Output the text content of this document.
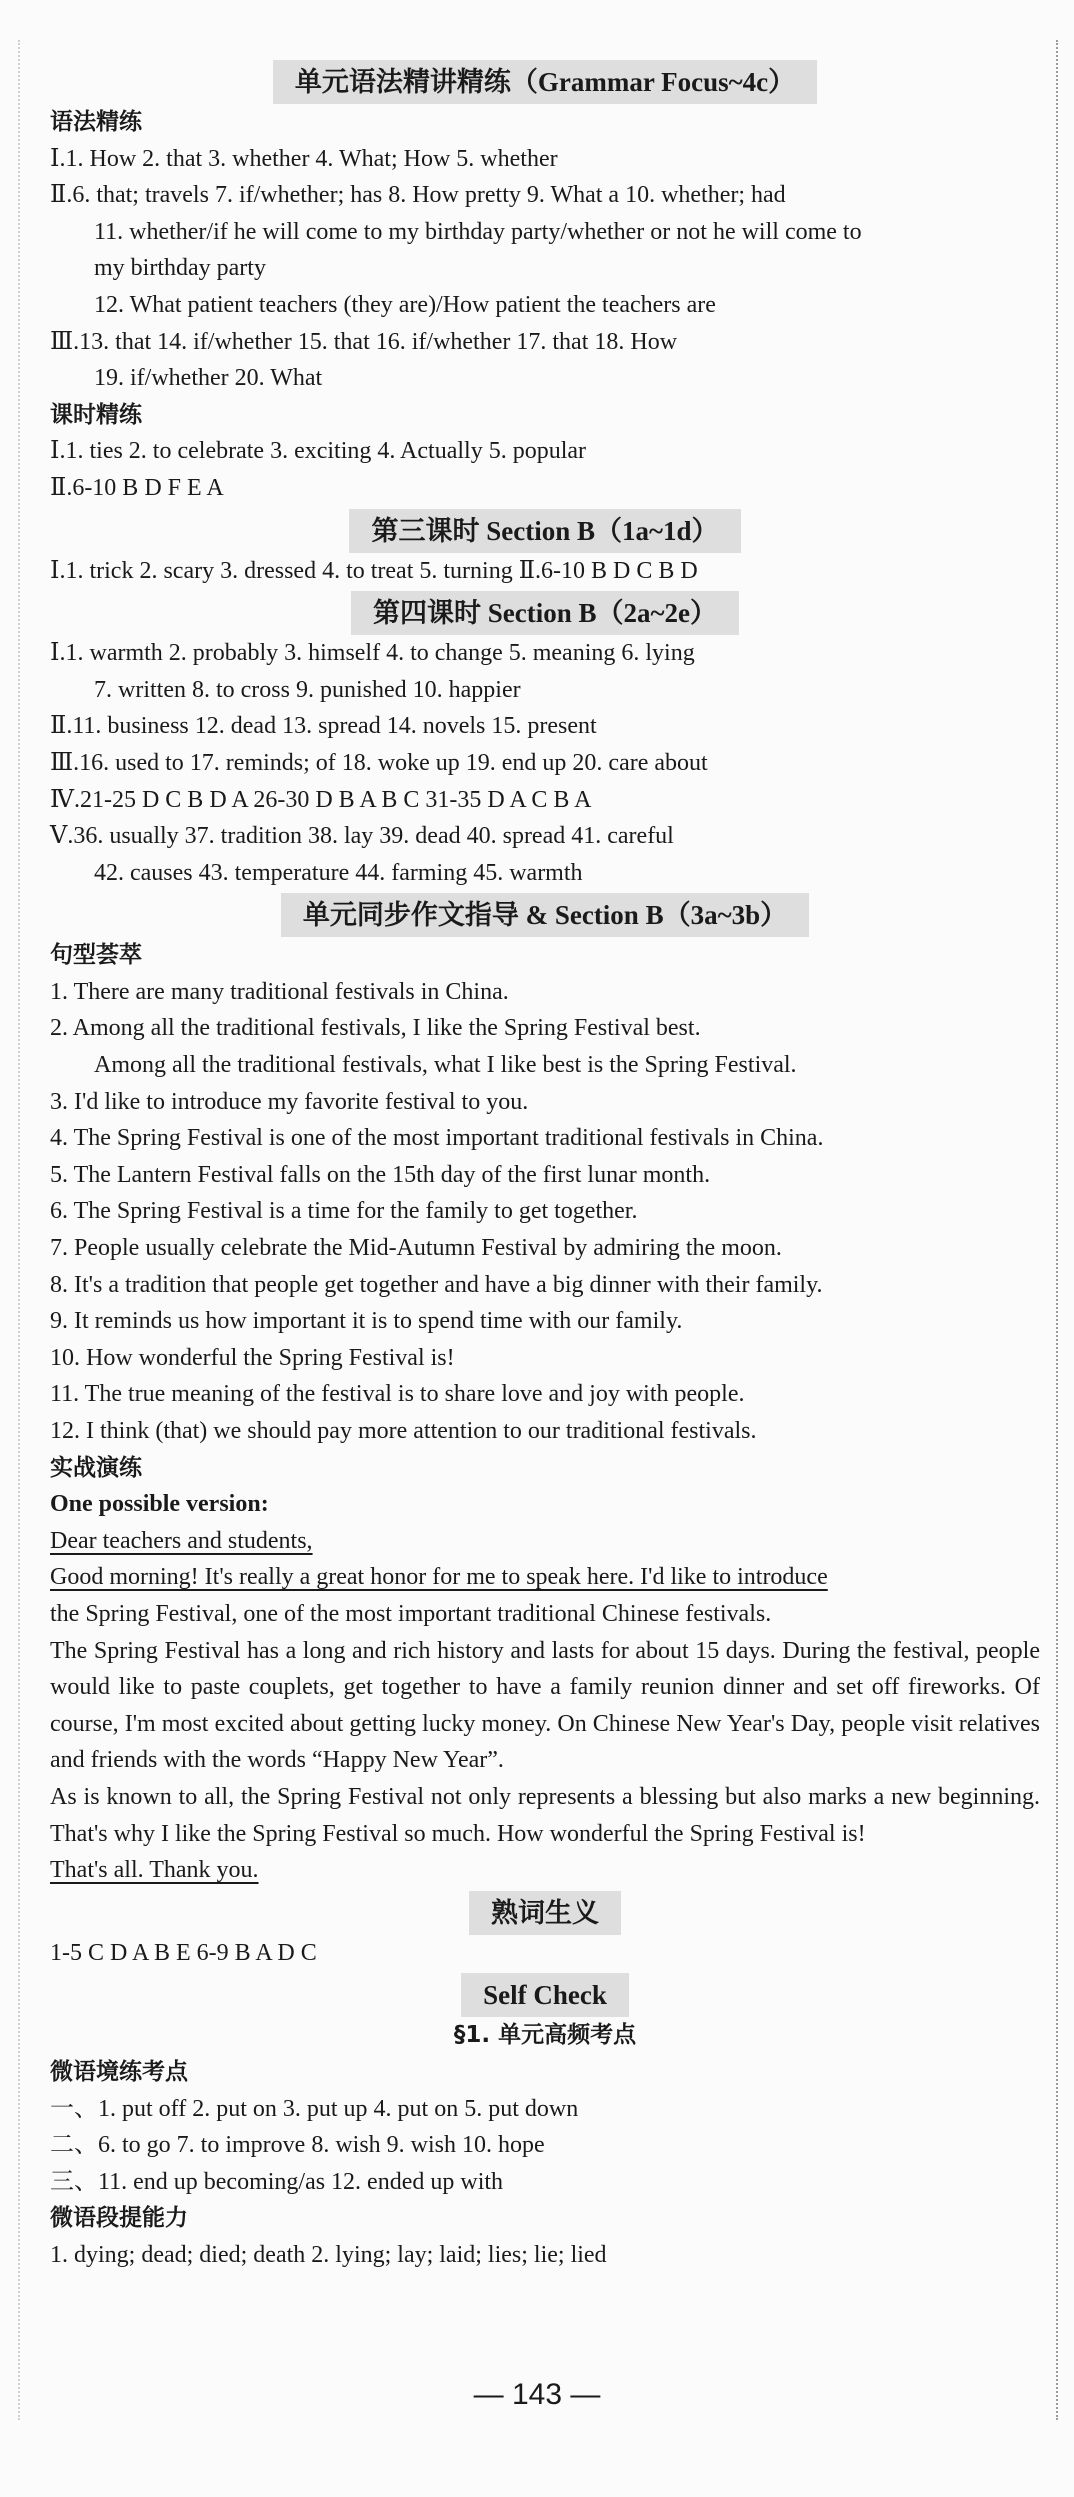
单元语法精讲精练（Grammar Focus~4c）
语法精练
Ⅰ.1. How 2. that 3. whether 4. What; How 5. whether
Ⅱ.6. that; travels 7. if/whether; has 8. How pretty 9. What a 10. whether; had
11. whether/if he will come to my birthday party/whether or not he will come to
my birthday party
12. What patient teachers (they are)/How patient the teachers are
Ⅲ.13. that 14. if/whether 15. that 16. if/whether 17. that 18. How
19. if/whether 20. What
课时精练
Ⅰ.1. ties 2. to celebrate 3. exciting 4. Actually 5. popular
Ⅱ.6-10 B D F E A
第三课时 Section B（1a~1d）
Ⅰ.1. trick 2. scary 3. dressed 4. to treat 5. turning Ⅱ.6-10 B D C B D
第四课时 Section B（2a~2e）
Ⅰ.1. warmth 2. probably 3. himself 4. to change 5. meaning 6. lying
7. written 8. to cross 9. punished 10. happier
Ⅱ.11. business 12. dead 13. spread 14. novels 15. present
Ⅲ.16. used to 17. reminds; of 18. woke up 19. end up 20. care about
Ⅳ.21-25 D C B D A 26-30 D B A B C 31-35 D A C B A
Ⅴ.36. usually 37. tradition 38. lay 39. dead 40. spread 41. careful
42. causes 43. temperature 44. farming 45. warmth
单元同步作文指导 & Section B（3a~3b）
句型荟萃
1. There are many traditional festivals in China.
2. Among all the traditional festivals, I like the Spring Festival best.
Among all the traditional festivals, what I like best is the Spring Festival.
3. I'd like to introduce my favorite festival to you.
4. The Spring Festival is one of the most important traditional festivals in China.
5. The Lantern Festival falls on the 15th day of the first lunar month.
6. The Spring Festival is a time for the family to get together.
7. People usually celebrate the Mid-Autumn Festival by admiring the moon.
8. It's a tradition that people get together and have a big dinner with their family.
9. It reminds us how important it is to spend time with our family.
10. How wonderful the Spring Festival is!
11. The true meaning of the festival is to share love and joy with people.
12. I think (that) we should pay more attention to our traditional festivals.
实战演练
One possible version:
Dear teachers and students,
Good morning! It's really a great honor for me to speak here. I'd like to introduce
the Spring Festival, one of the most important traditional Chinese festivals.
The Spring Festival has a long and rich history and lasts for about 15 days. During the festival, people would like to paste couplets, get together to have a family reunion dinner and set off fireworks. Of course, I'm most excited about getting lucky money. On Chinese New Year's Day, people visit relatives and friends with the words “Happy New Year”.
As is known to all, the Spring Festival not only represents a blessing but also marks a new beginning. That's why I like the Spring Festival so much. How wonderful the Spring Festival is!
That's all. Thank you.
熟词生义
1-5 C D A B E 6-9 B A D C
Self Check
§1. 单元高频考点
微语境练考点
一、1. put off 2. put on 3. put up 4. put on 5. put down
二、6. to go 7. to improve 8. wish 9. wish 10. hope
三、11. end up becoming/as 12. ended up with
微语段提能力
1. dying; dead; died; death 2. lying; lay; laid; lies; lie; lied
— 143 —
